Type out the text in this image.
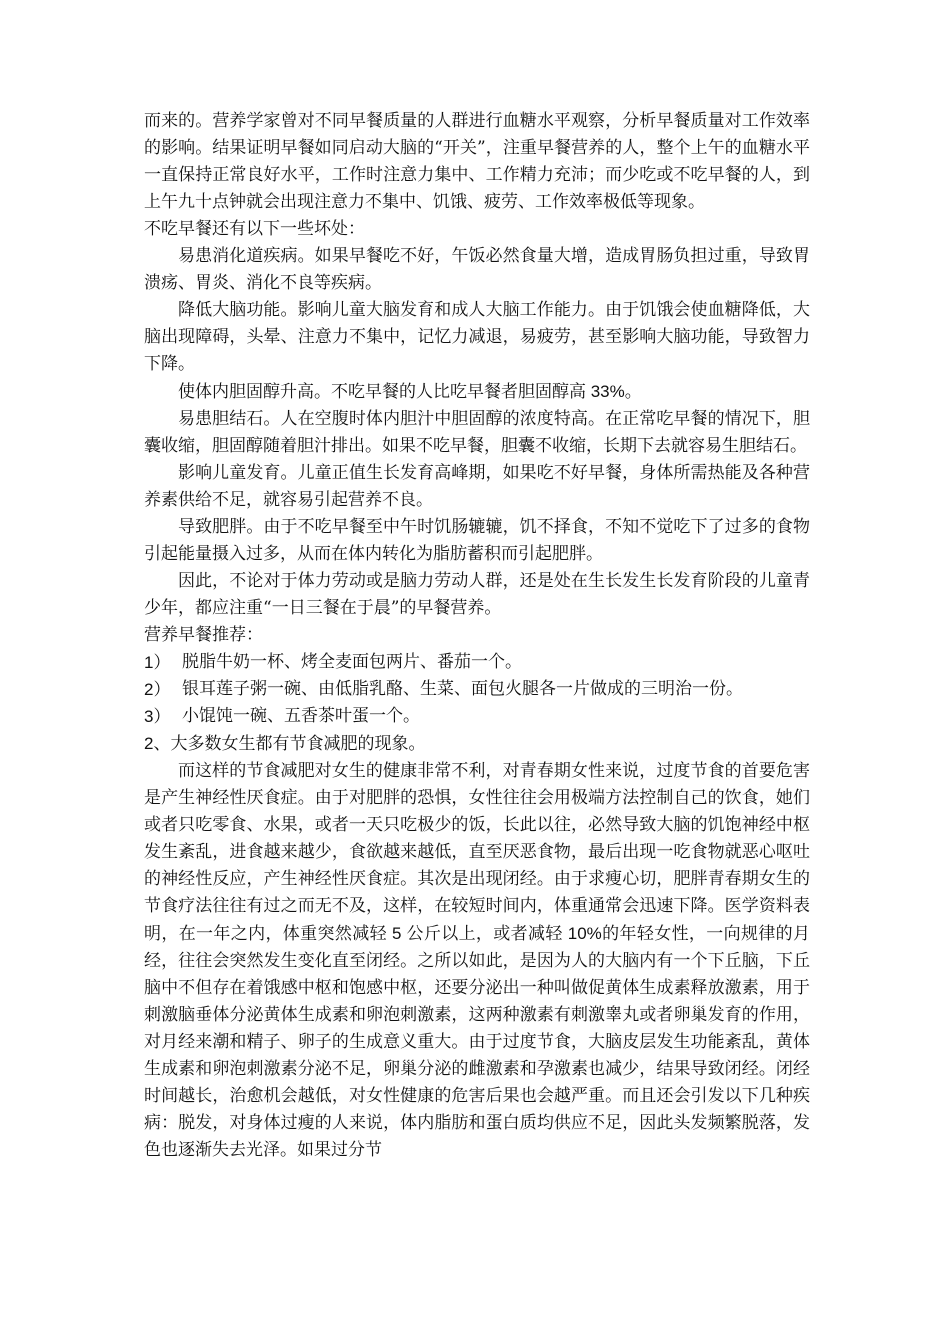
而来的。营养学家曾对不同早餐质量的人群进行血糖水平观察，分析早餐质量对工作效率的影响。结果证明早餐如同启动大脑的“开关”，注重早餐营养的人，整个上午的血糖水平一直保持正常良好水平，工作时注意力集中、工作精力充沛；而少吃或不吃早餐的人，到上午九十点钟就会出现注意力不集中、饥饿、疲劳、工作效率极低等现象。

不吃早餐还有以下一些坏处：

易患消化道疾病。如果早餐吃不好，午饭必然食量大增，造成胃肠负担过重，导致胃溃疡、胃炎、消化不良等疾病。

降低大脑功能。影响儿童大脑发育和成人大脑工作能力。由于饥饿会使血糖降低，大脑出现障碍，头晕、注意力不集中，记忆力减退，易疲劳，甚至影响大脑功能，导致智力下降。

使体内胆固醇升高。不吃早餐的人比吃早餐者胆固醇高 33%。

易患胆结石。人在空腹时体内胆汁中胆固醇的浓度特高。在正常吃早餐的情况下，胆囊收缩，胆固醇随着胆汁排出。如果不吃早餐，胆囊不收缩，长期下去就容易生胆结石。

影响儿童发育。儿童正值生长发育高峰期，如果吃不好早餐，身体所需热能及各种营养素供给不足，就容易引起营养不良。

导致肥胖。由于不吃早餐至中午时饥肠辘辘，饥不择食，不知不觉吃下了过多的食物引起能量摄入过多，从而在体内转化为脂肪蓄积而引起肥胖。

因此，不论对于体力劳动或是脑力劳动人群，还是处在生长发生长发育阶段的儿童青少年，都应注重“一日三餐在于晨”的早餐营养。

营养早餐推荐：

1） 脱脂牛奶一杯、烤全麦面包两片、番茄一个。
2） 银耳莲子粥一碗、由低脂乳酪、生菜、面包火腿各一片做成的三明治一份。
3） 小馄饨一碗、五香茶叶蛋一个。

2、大多数女生都有节食减肥的现象。

而这样的节食减肥对女生的健康非常不利，对青春期女性来说，过度节食的首要危害是产生神经性厌食症。由于对肥胖的恐惧，女性往往会用极端方法控制自己的饮食，她们或者只吃零食、水果，或者一天只吃极少的饭，长此以往，必然导致大脑的饥饱神经中枢发生紊乱，进食越来越少，食欲越来越低，直至厌恶食物，最后出现一吃食物就恶心呕吐的神经性反应，产生神经性厌食症。其次是出现闭经。由于求瘦心切，肥胖青春期女生的节食疗法往往有过之而无不及，这样，在较短时间内，体重通常会迅速下降。医学资料表明，在一年之内，体重突然减轻 5 公斤以上，或者减轻 10%的年轻女性，一向规律的月经，往往会突然发生变化直至闭经。之所以如此，是因为人的大脑内有一个下丘脑，下丘脑中不但存在着饿感中枢和饱感中枢，还要分泌出一种叫做促黄体生成素释放激素，用于刺激脑垂体分泌黄体生成素和卵泡刺激素，这两种激素有刺激睾丸或者卵巢发育的作用，对月经来潮和精子、卵子的生成意义重大。由于过度节食，大脑皮层发生功能紊乱，黄体生成素和卵泡刺激素分泌不足，卵巢分泌的雌激素和孕激素也减少，结果导致闭经。闭经时间越长，治愈机会越低，对女性健康的危害后果也会越严重。而且还会引发以下几种疾病：脱发，对身体过瘦的人来说，体内脂肪和蛋白质均供应不足，因此头发频繁脱落，发色也逐渐失去光泽。如果过分节
